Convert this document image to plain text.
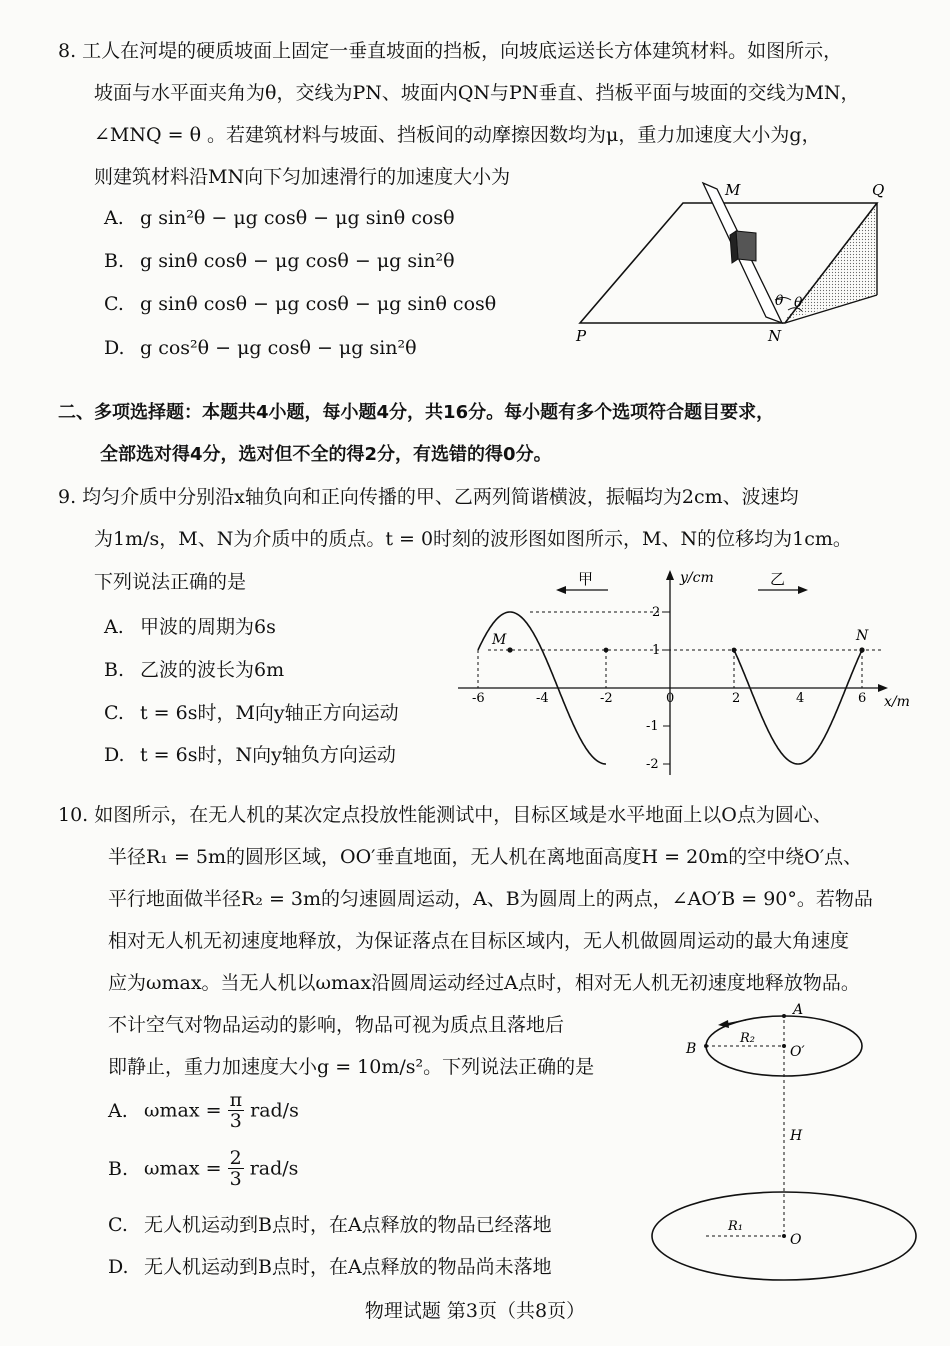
8. 工人在河堤的硬质坡面上固定一垂直坡面的挡板，向坡底运送长方体建筑材料。如图所示，
坡面与水平面夹角为θ，交线为PN、坡面内QN与PN垂直、挡板平面与坡面的交线为MN，
∠MNQ = θ 。若建筑材料与坡面、挡板间的动摩擦因数均为μ，重力加速度大小为g，
则建筑材料沿MN向下匀加速滑行的加速度大小为
A. g sin²θ − μg cosθ − μg sinθ cosθ
B. g sinθ cosθ − μg cosθ − μg sin²θ
C. g sinθ cosθ − μg cosθ − μg sinθ cosθ
D. g cos²θ − μg cosθ − μg sin²θ
M	Q
P	N
θ θ
二、多项选择题：本题共4小题，每小题4分，共16分。每小题有多个选项符合题目要求，
全部选对得4分，选对但不全的得2分，有选错的得0分。
9. 均匀介质中分别沿x轴负向和正向传播的甲、乙两列简谐横波，振幅均为2cm、波速均
为1m/s，M、N为介质中的质点。t = 0时刻的波形图如图所示，M、N的位移均为1cm。
下列说法正确的是
A. 甲波的周期为6s
B. 乙波的波长为6m
C. t = 6s时，M向y轴正方向运动
D. t = 6s时，N向y轴负方向运动
甲	乙
y/cm
x/m
M	N
-6	-4	-2	0	2	4	6
2
1
-1
-2
10. 如图所示，在无人机的某次定点投放性能测试中，目标区域是水平地面上以O点为圆心、
半径R₁ = 5m的圆形区域，OO′垂直地面，无人机在离地面高度H = 20m的空中绕O′点、
平行地面做半径R₂ = 3m的匀速圆周运动，A、B为圆周上的两点，∠AO′B = 90°。若物品
相对无人机无初速度地释放，为保证落点在目标区域内，无人机做圆周运动的最大角速度
应为ωmax。当无人机以ωmax沿圆周运动经过A点时，相对无人机无初速度地释放物品。
不计空气对物品运动的影响，物品可视为质点且落地后
即静止，重力加速度大小g = 10m/s²。下列说法正确的是
A. $\omega\max = \frac{\pi}{3} rad/s$
B. $\omega\max = \frac{2}{3} rad/s$
C. 无人机运动到B点时，在A点释放的物品已经落地
D. 无人机运动到B点时，在A点释放的物品尚未落地
A
B
R₂
O′
H
R₁
O
物理试题 第3页（共8页）
